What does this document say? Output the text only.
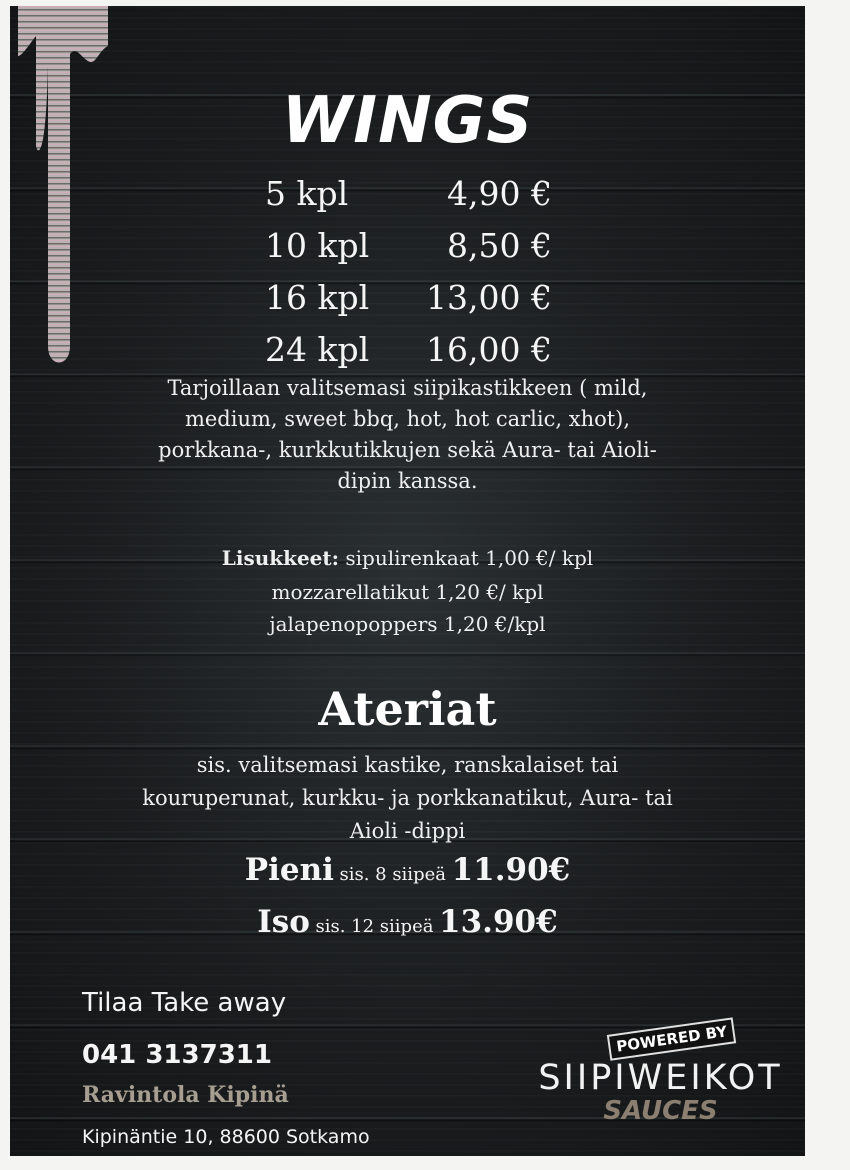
WINGS
5 kpl	4,90 €
10 kpl 8,50 €
16 kpl 13,00 €
24 kpl 16,00 €
Tarjoillaan valitsemasi siipikastikkeen ( mild,
medium, sweet bbq, hot, hot carlic, xhot),
porkkana-, kurkkutikkujen sekä Aura- tai Aioli-
dipin kanssa.
Lisukkeet: sipulirenkaat 1,00 €/ kpl
mozzarellatikut 1,20 €/ kpl
jalapenopoppers 1,20 €/kpl
Ateriat
sis. valitsemasi kastike, ranskalaiset tai
kouruperunat, kurkku- ja porkkanatikut, Aura- tai
Aioli -dippi
Pieni sis. 8 siipeä 11.90€
Iso sis. 12 siipeä 13.90€
Tilaa Take away
041 3137311
Ravintola Kipinä
Kipinäntie 10, 88600 Sotkamo
POWERED BY
SIIPIWEIKOT
SAUCES
